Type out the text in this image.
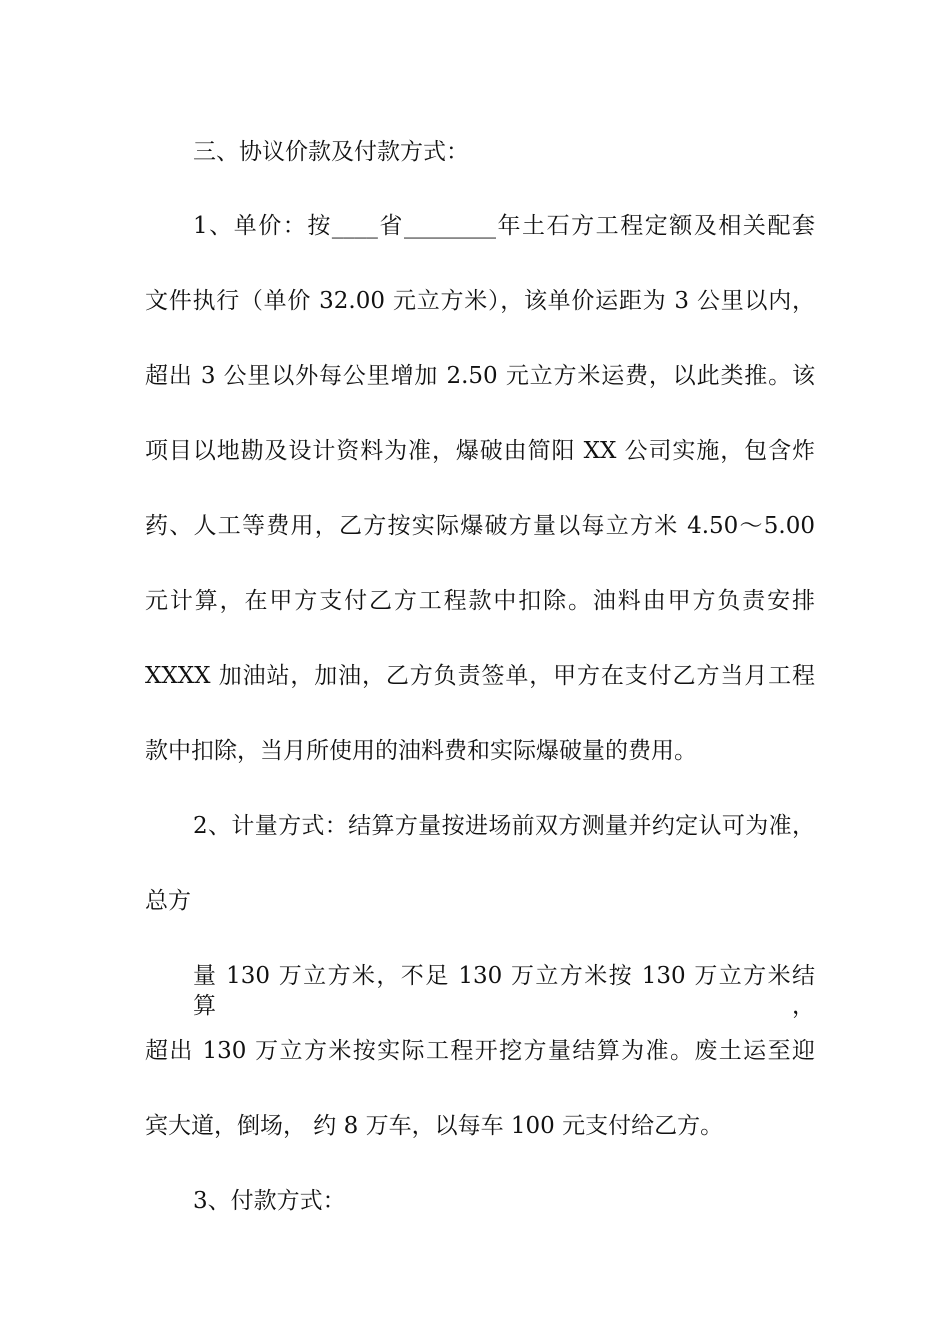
三、协议价款及付款方式：
1、单价：按____省________年土石方工程定额及相关配套
文件执行（单价 32.00 元立方米），该单价运距为 3 公里以内，
超出 3 公里以外每公里增加 2.50 元立方米运费，以此类推。该
项目以地勘及设计资料为准，爆破由简阳 XX 公司实施，包含炸
药、人工等费用，乙方按实际爆破方量以每立方米 4.50～5.00
元计算，在甲方支付乙方工程款中扣除。油料由甲方负责安排
XXXX 加油站，加油，乙方负责签单，甲方在支付乙方当月工程
款中扣除，当月所使用的油料费和实际爆破量的费用。
2、计量方式：结算方量按进场前双方测量并约定认可为准，
总方
量 130 万立方米，不足 130 万立方米按 130 万立方米结算，
超出 130 万立方米按实际工程开挖方量结算为准。废土运至迎
宾大道，倒场， 约 8 万车，以每车 100 元支付给乙方。
3、付款方式：
